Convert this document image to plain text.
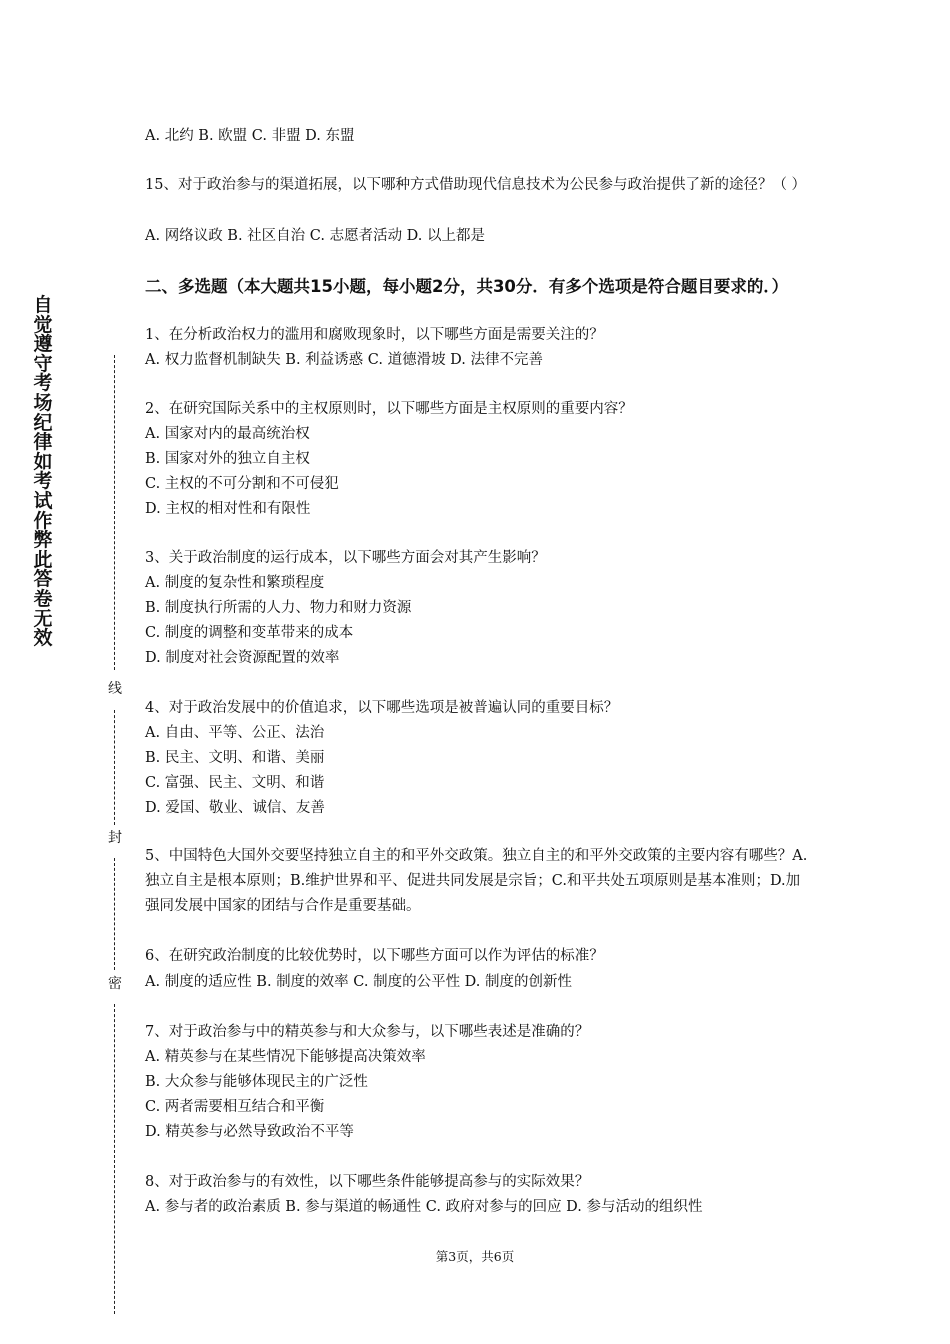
自觉遵守考场纪律如考试作弊此答卷无效
线
封
密
A. 北约 B. 欧盟 C. 非盟 D. 东盟
15、对于政治参与的渠道拓展，以下哪种方式借助现代信息技术为公民参与政治提供了新的途径？（ ）
A. 网络议政 B. 社区自治 C. 志愿者活动 D. 以上都是
二、多选题（本大题共15小题，每小题2分，共30分．有多个选项是符合题目要求的．）
1、在分析政治权力的滥用和腐败现象时，以下哪些方面是需要关注的？
A. 权力监督机制缺失 B. 利益诱惑 C. 道德滑坡 D. 法律不完善
2、在研究国际关系中的主权原则时，以下哪些方面是主权原则的重要内容？
A. 国家对内的最高统治权
B. 国家对外的独立自主权
C. 主权的不可分割和不可侵犯
D. 主权的相对性和有限性
3、关于政治制度的运行成本，以下哪些方面会对其产生影响？
A. 制度的复杂性和繁琐程度
B. 制度执行所需的人力、物力和财力资源
C. 制度的调整和变革带来的成本
D. 制度对社会资源配置的效率
4、对于政治发展中的价值追求，以下哪些选项是被普遍认同的重要目标？
A. 自由、平等、公正、法治
B. 民主、文明、和谐、美丽
C. 富强、民主、文明、和谐
D. 爱国、敬业、诚信、友善
5、中国特色大国外交要坚持独立自主的和平外交政策。独立自主的和平外交政策的主要内容有哪些？A.独立自主是根本原则；B.维护世界和平、促进共同发展是宗旨；C.和平共处五项原则是基本准则；D.加强同发展中国家的团结与合作是重要基础。
6、在研究政治制度的比较优势时，以下哪些方面可以作为评估的标准？
A. 制度的适应性 B. 制度的效率 C. 制度的公平性 D. 制度的创新性
7、对于政治参与中的精英参与和大众参与，以下哪些表述是准确的？
A. 精英参与在某些情况下能够提高决策效率
B. 大众参与能够体现民主的广泛性
C. 两者需要相互结合和平衡
D. 精英参与必然导致政治不平等
8、对于政治参与的有效性，以下哪些条件能够提高参与的实际效果？
A. 参与者的政治素质 B. 参与渠道的畅通性 C. 政府对参与的回应 D. 参与活动的组织性
第3页，共6页
